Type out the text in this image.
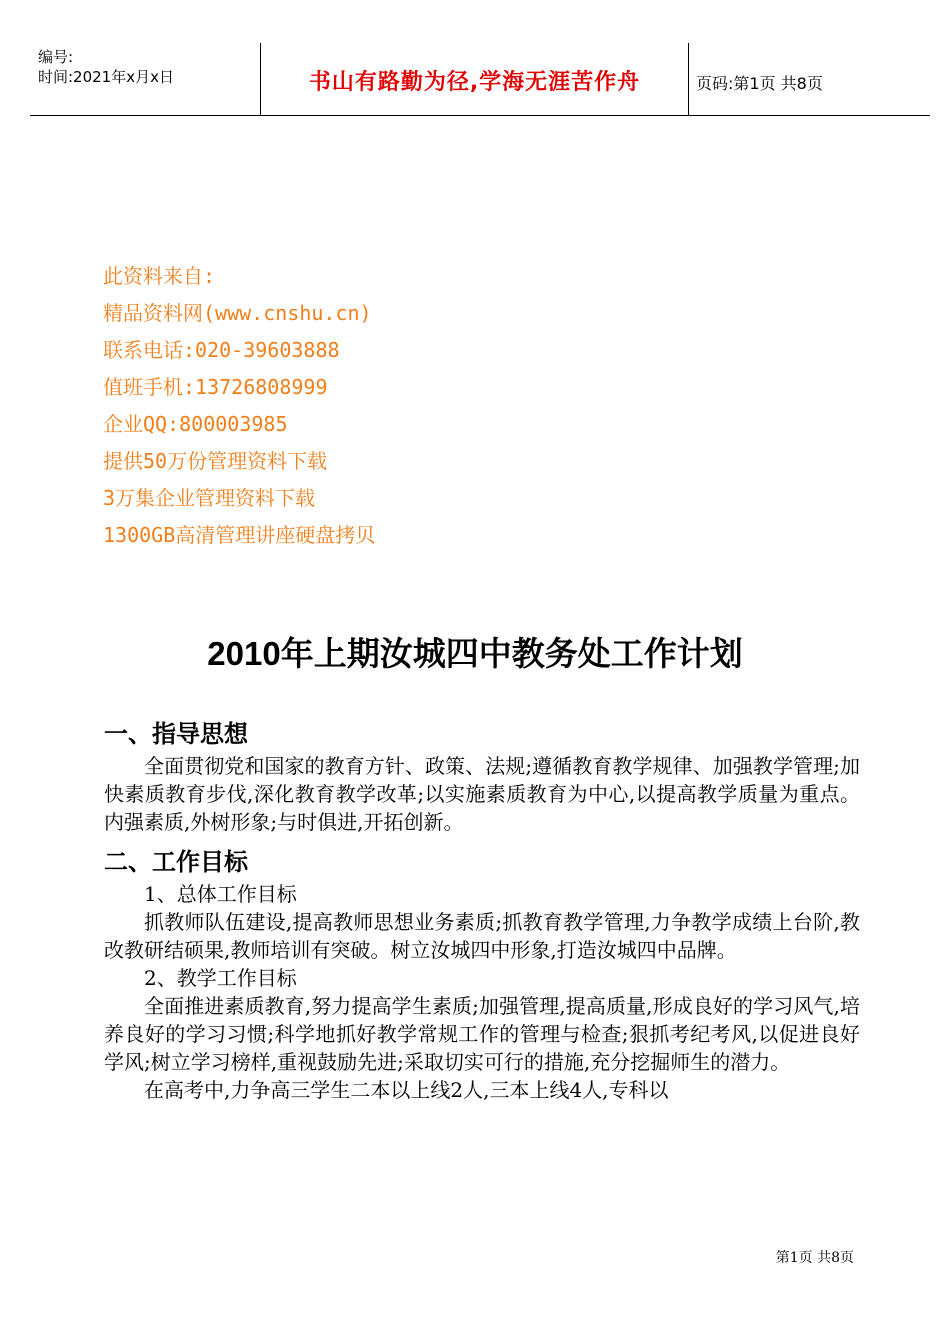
编号:
时间:2021年x月x日	书山有路勤为径,学海无涯苦作舟	页码:第1页 共8页
此资料来自:
精品资料网(www.cnshu.cn)
联系电话:020-39603888
值班手机:13726808999
企业QQ:800003985
提供50万份管理资料下载
3万集企业管理资料下载
1300GB高清管理讲座硬盘拷贝
2010年上期汝城四中教务处工作计划
一、指导思想

全面贯彻党和国家的教育方针、政策、法规;遵循教育教学规律、加强教学管理;加快素质教育步伐,深化教育教学改革;以实施素质教育为中心,以提高教学质量为重点。内强素质,外树形象;与时俱进,开拓创新。

二、工作目标

1、总体工作目标

抓教师队伍建设,提高教师思想业务素质;抓教育教学管理,力争教学成绩上台阶,教改教研结硕果,教师培训有突破。树立汝城四中形象,打造汝城四中品牌。

2、教学工作目标

全面推进素质教育,努力提高学生素质;加强管理,提高质量,形成良好的学习风气,培养良好的学习习惯;科学地抓好教学常规工作的管理与检查;狠抓考纪考风,以促进良好学风;树立学习榜样,重视鼓励先进;采取切实可行的措施,充分挖掘师生的潜力。

在高考中,力争高三学生二本以上线2人,三本上线4人,专科以

第1页 共8页
